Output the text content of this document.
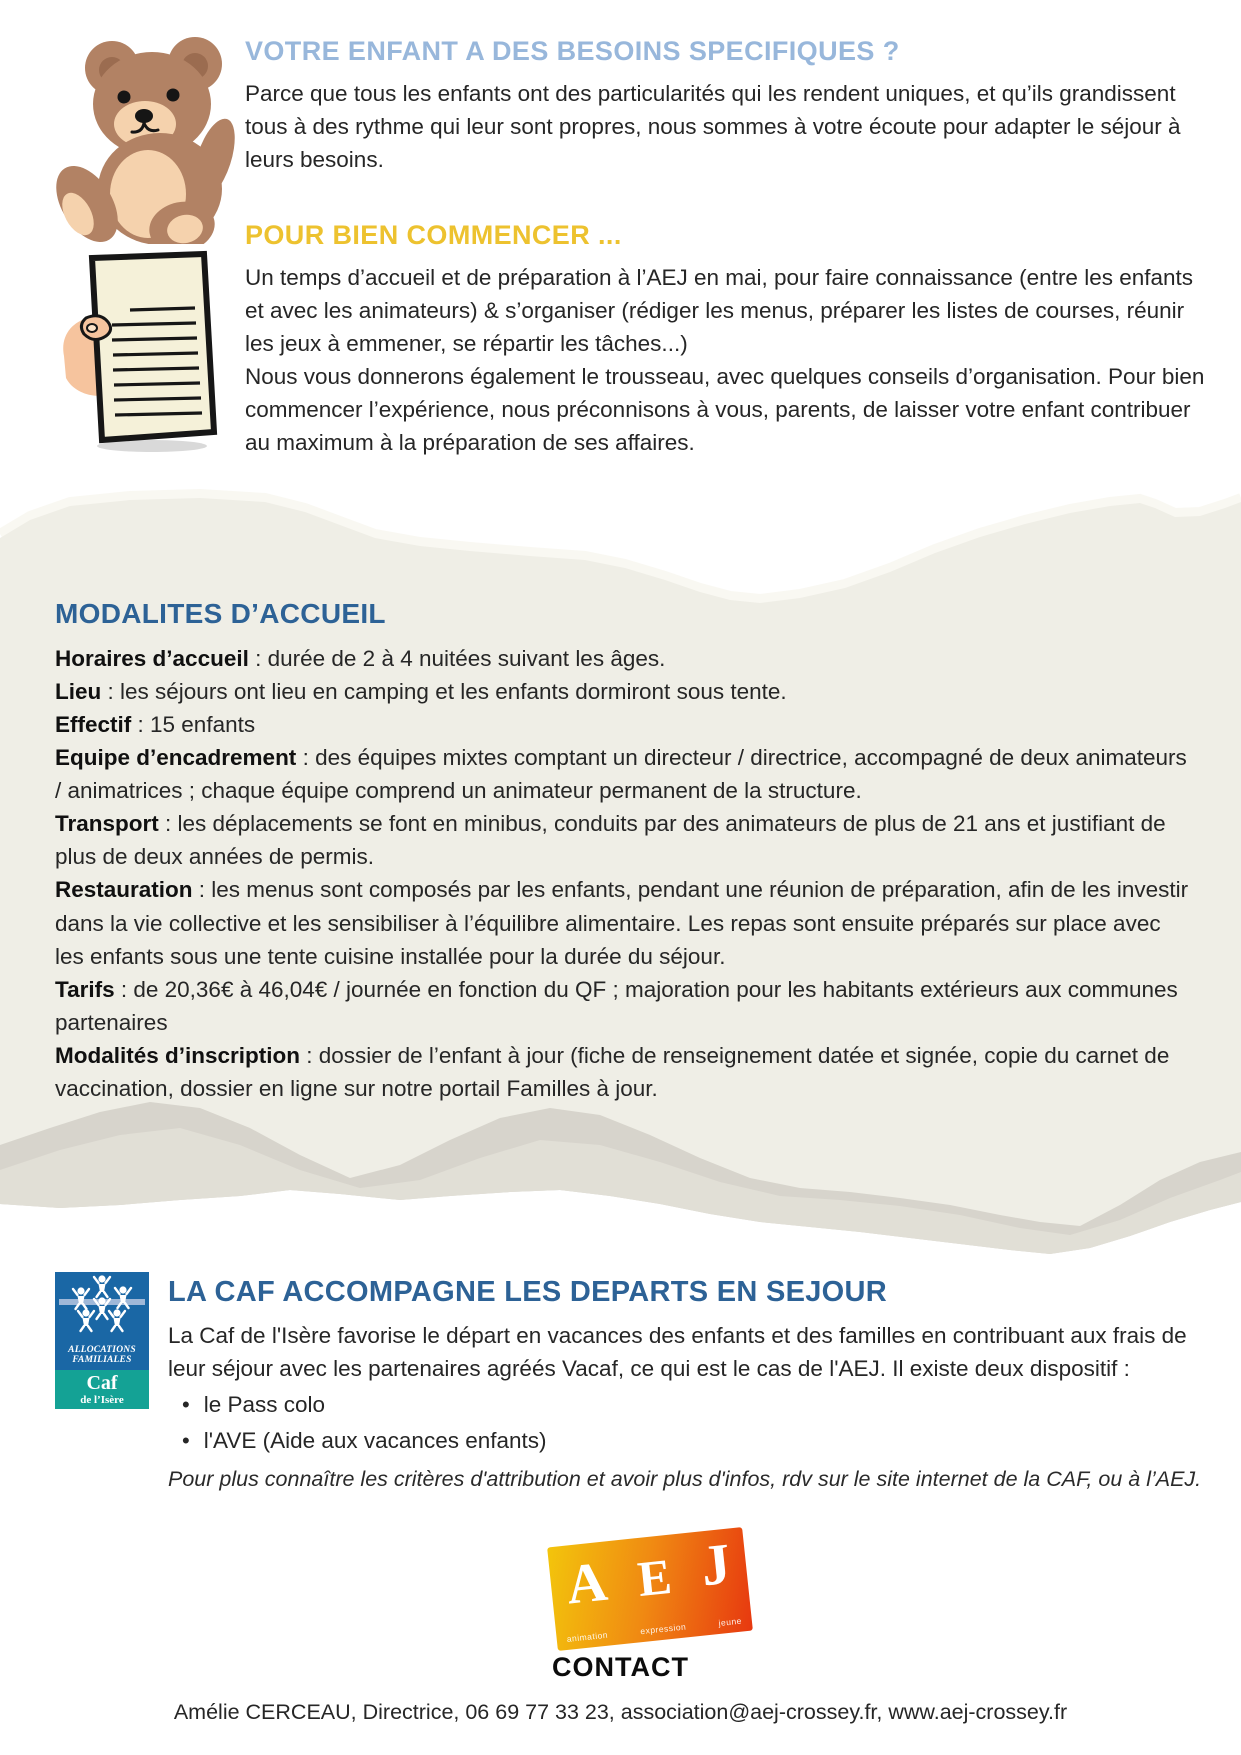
VOTRE ENFANT A DES BESOINS SPECIFIQUES ?

Parce que tous les enfants ont des particularités qui les rendent uniques, et qu’ils grandissent tous à des rythme qui leur sont propres, nous sommes à votre écoute pour adapter le séjour à leurs besoins.

POUR BIEN COMMENCER ...

Un temps d’accueil et de préparation à l’AEJ en mai, pour faire connaissance (entre les enfants et avec les animateurs) & s’organiser (rédiger les menus, préparer les listes de courses, réunir les jeux à emmener, se répartir les tâches...)

Nous vous donnerons également le trousseau, avec quelques conseils d’organisation. Pour bien commencer l’expérience, nous préconnisons à vous, parents, de laisser votre enfant contribuer au maximum à la préparation de ses affaires.

MODALITES D’ACCUEIL

Horaires d’accueil : durée de 2 à 4 nuitées suivant les âges.

Lieu : les séjours ont lieu en camping et les enfants dormiront sous tente.

Effectif : 15 enfants

Equipe d’encadrement : des équipes mixtes comptant un directeur / directrice, accompagné de deux animateurs / animatrices ; chaque équipe comprend un animateur permanent de la structure.

Transport : les déplacements se font en minibus, conduits par des animateurs de plus de 21 ans et justifiant de plus de deux années de permis.

Restauration : les menus sont composés par les enfants, pendant une réunion de préparation, afin de les investir dans la vie collective et les sensibiliser à l’équilibre alimentaire. Les repas sont ensuite préparés sur place avec les enfants sous une tente cuisine installée pour la durée du séjour.

Tarifs : de 20,36€ à 46,04€ / journée en fonction du QF ; majoration pour les habitants extérieurs aux communes partenaires

Modalités d’inscription : dossier de l’enfant à jour (fiche de renseignement datée et signée, copie du carnet de vaccination, dossier en ligne sur notre portail Familles à jour.

ALLOCATIONS
FAMILIALES
Caf
de l’Isère
LA CAF ACCOMPAGNE LES DEPARTS EN SEJOUR

La Caf de l'Isère favorise le départ en vacances des enfants et des familles en contribuant aux frais de leur séjour avec les partenaires agréés Vacaf, ce qui est le cas de l'AEJ. Il existe deux dispositif :

• le Pass colo
• l'AVE (Aide aux vacances enfants)
Pour plus connaître les critères d'attribution et avoir plus d'infos, rdv sur le site internet de la CAF, ou à l’AEJ.
A E J
animation
expression	jeune
CONTACT
Amélie CERCEAU, Directrice, 06 69 77 33 23, association@aej-crossey.fr, www.aej-crossey.fr
